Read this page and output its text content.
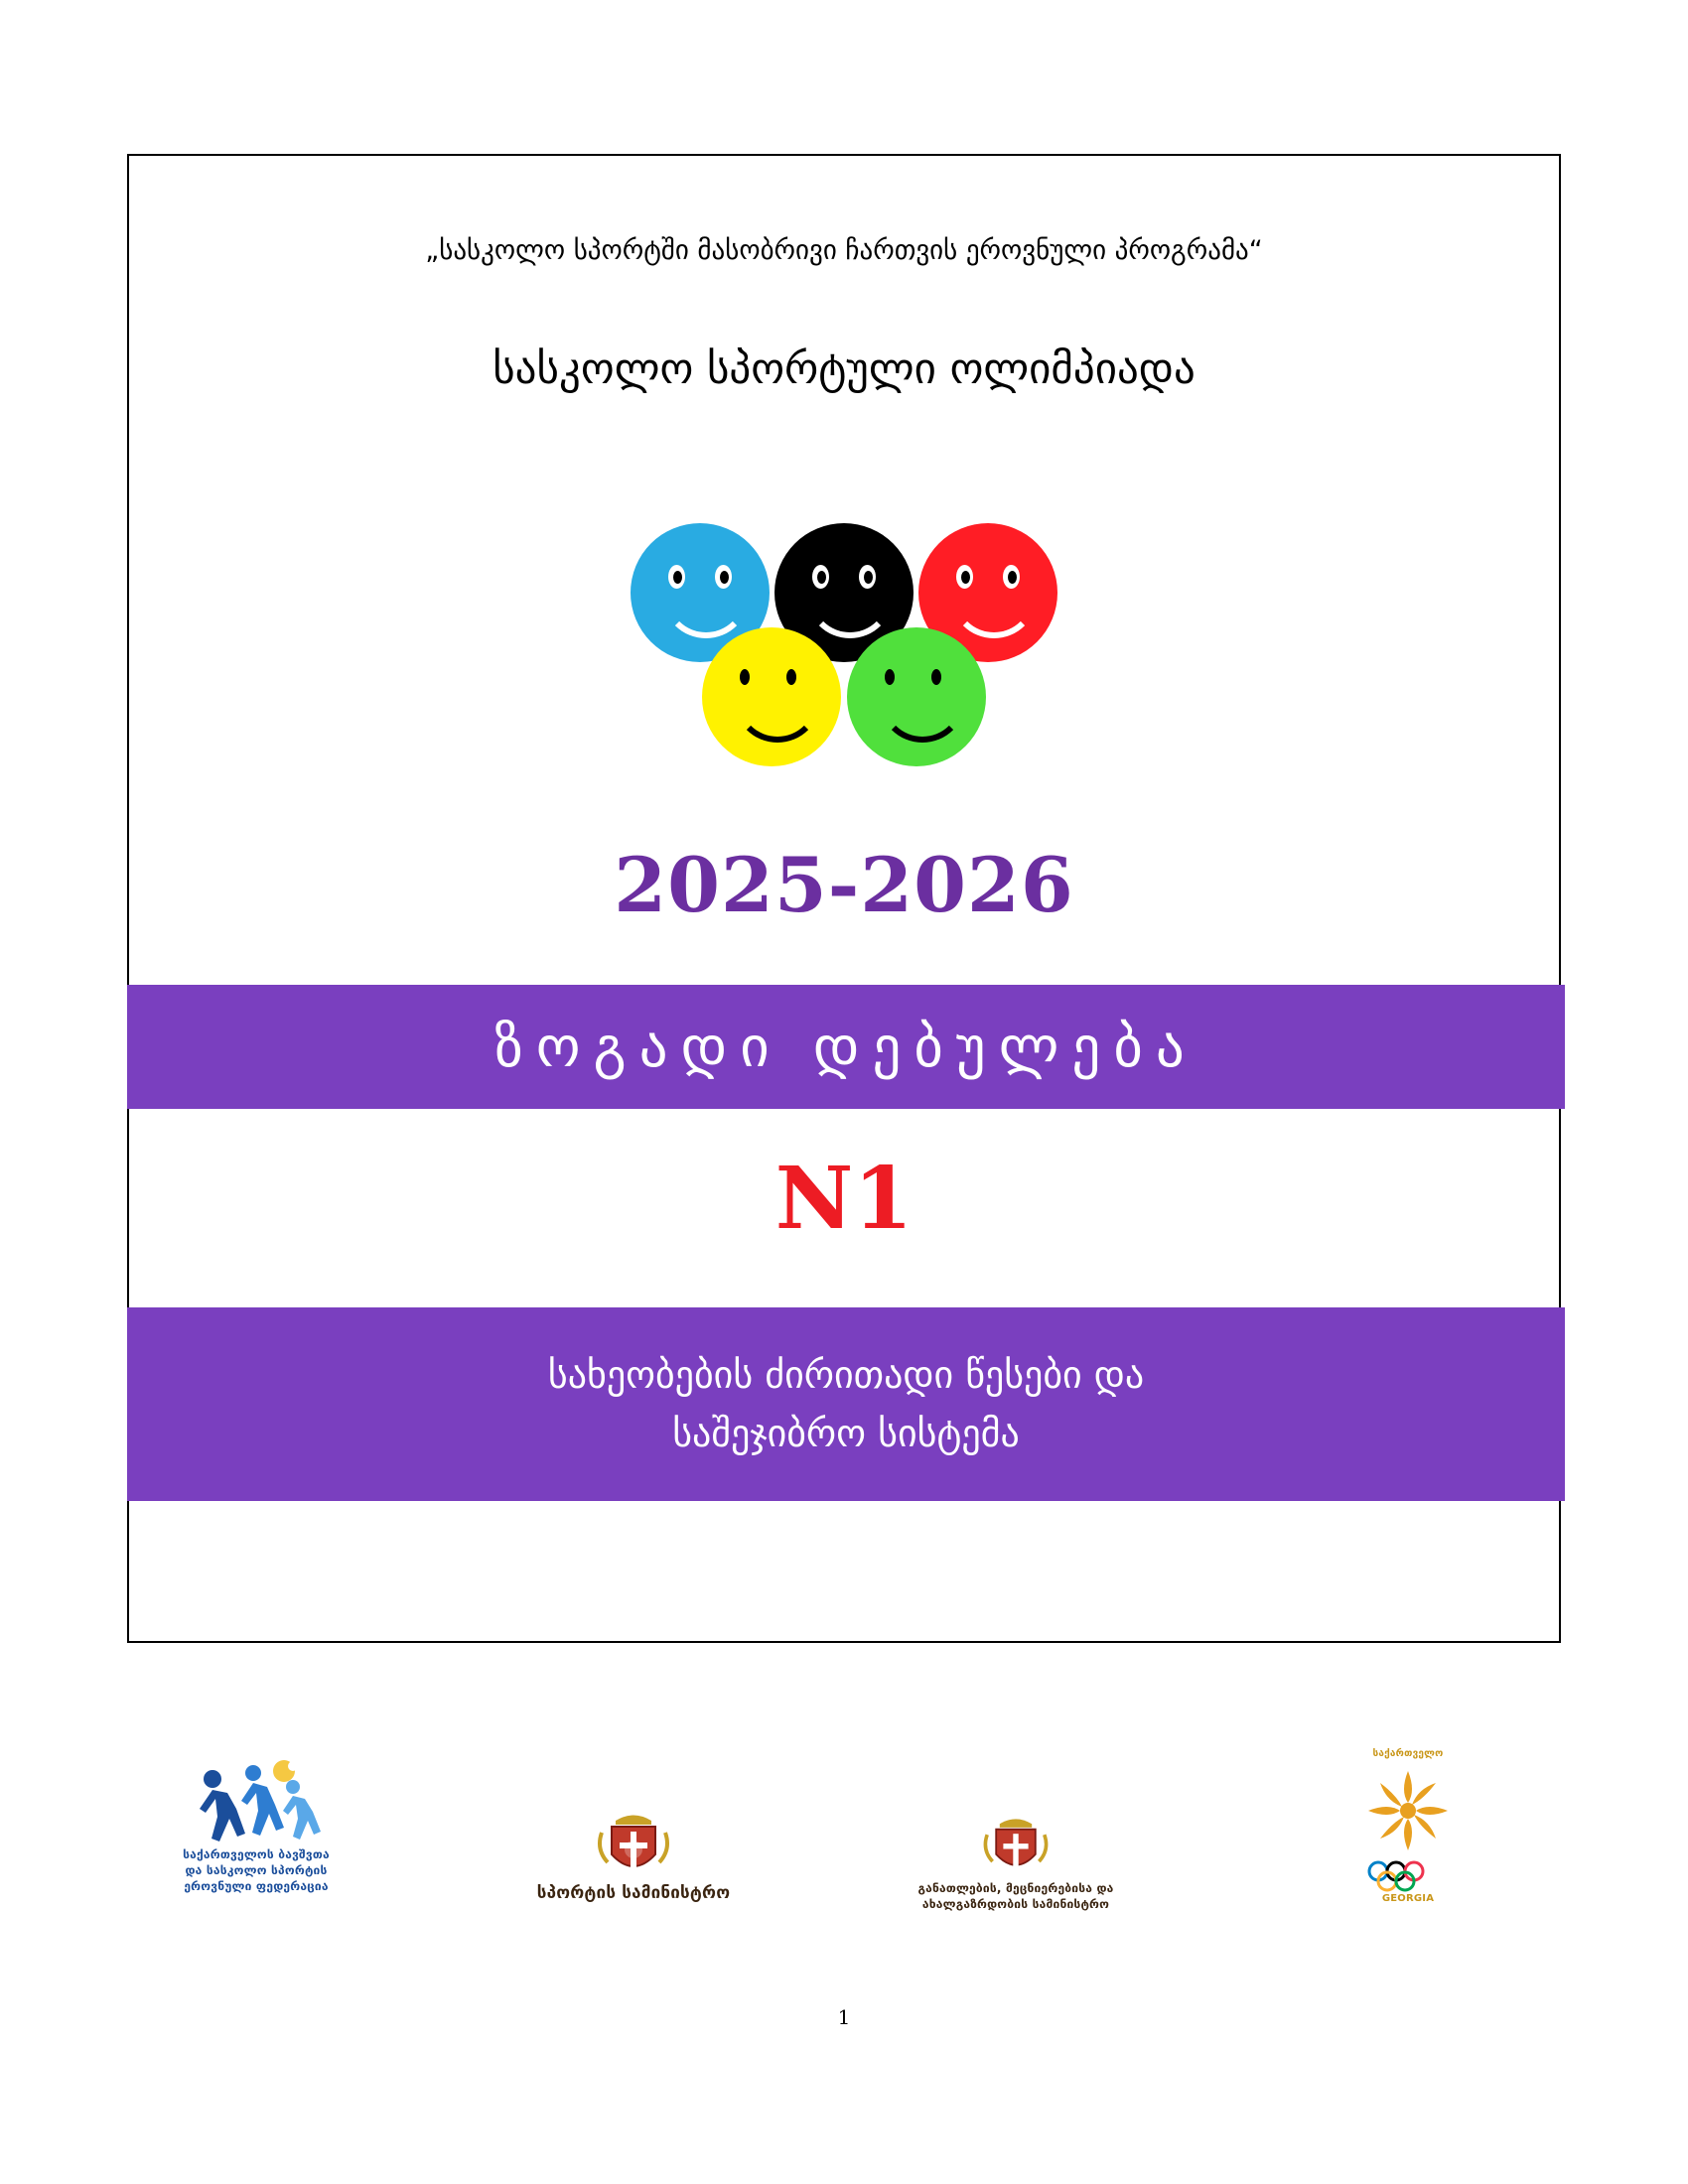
„სასკოლო სპორტში მასობრივი ჩართვის ეროვნული პროგრამა“
სასკოლო სპორტული ოლიმპიადა
2025-2026
ზოგადი დებულება
N1
სახეობების ძირითადი წესები და
საშეჯიბრო სისტემა
საქართველოს ბავშვთა
და სასკოლო სპორტის
ეროვნული ფედერაცია	სპორტის სამინისტრო	განათლების, მეცნიერებისა და
ახალგაზრდობის სამინისტრო
საქართველო
GEORGIA
1
